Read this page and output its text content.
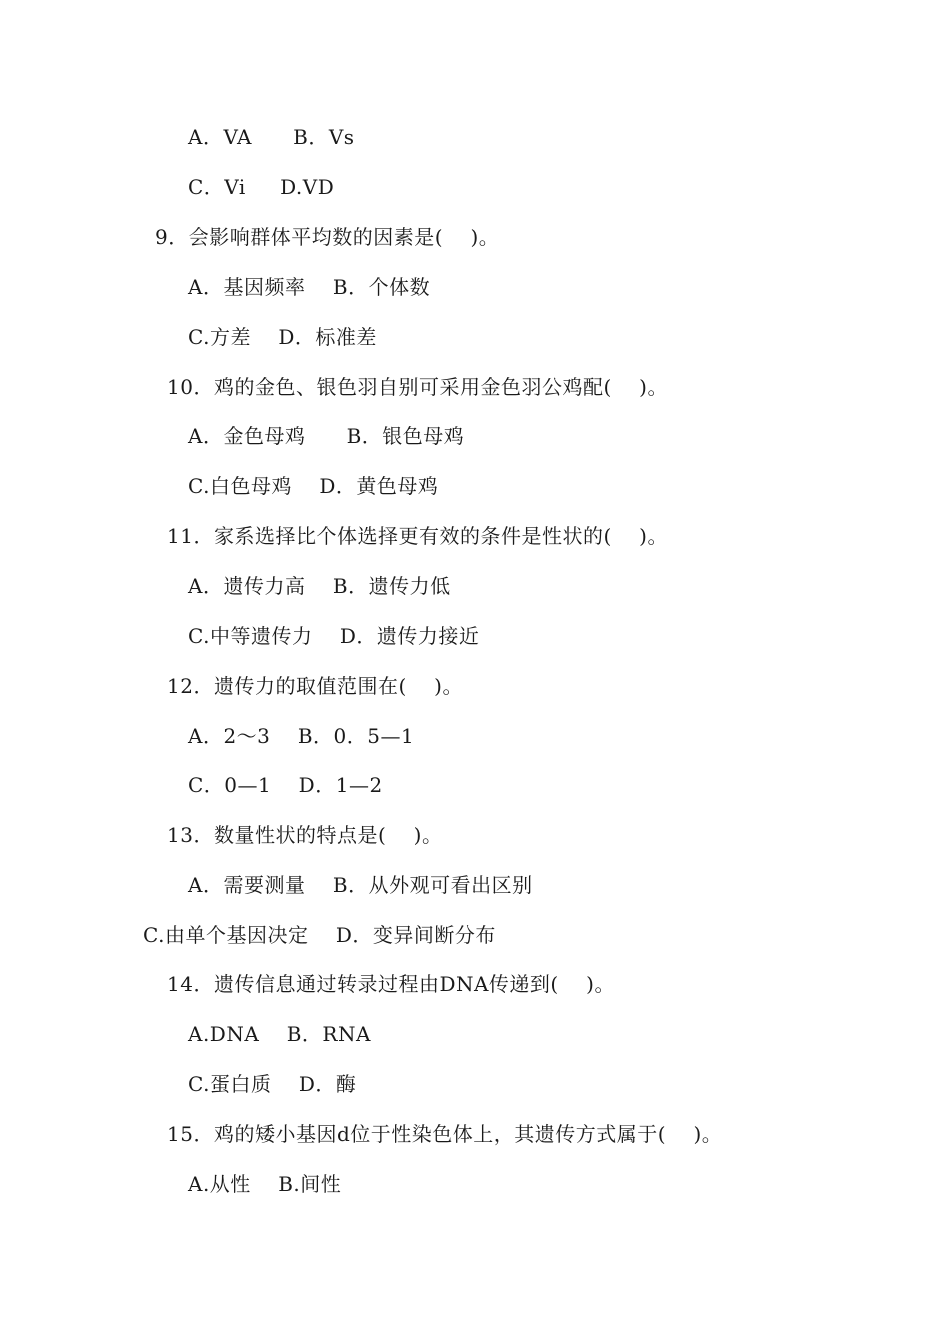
A．VA      B．Vs
C．Vi     D.VD
9．会影响群体平均数的因素是(    )。
A．基因频率    B．个体数
C.方差    D．标准差
10．鸡的金色、银色羽自别可采用金色羽公鸡配(    )。
A．金色母鸡      B．银色母鸡
C.白色母鸡    D．黄色母鸡
11．家系选择比个体选择更有效的条件是性状的(    )。
A．遗传力高    B．遗传力低
C.中等遗传力    D．遗传力接近
12．遗传力的取值范围在(    )。
A．2～3    B．0．5—1
C．0—1    D．1—2
13．数量性状的特点是(    )。
A．需要测量    B．从外观可看出区别
C.由单个基因决定    D．变异间断分布
14．遗传信息通过转录过程由DNA传递到(    )。
A.DNA    B．RNA
C.蛋白质    D．酶
15．鸡的矮小基因d位于性染色体上，其遗传方式属于(    )。
A.从性    B.间性
